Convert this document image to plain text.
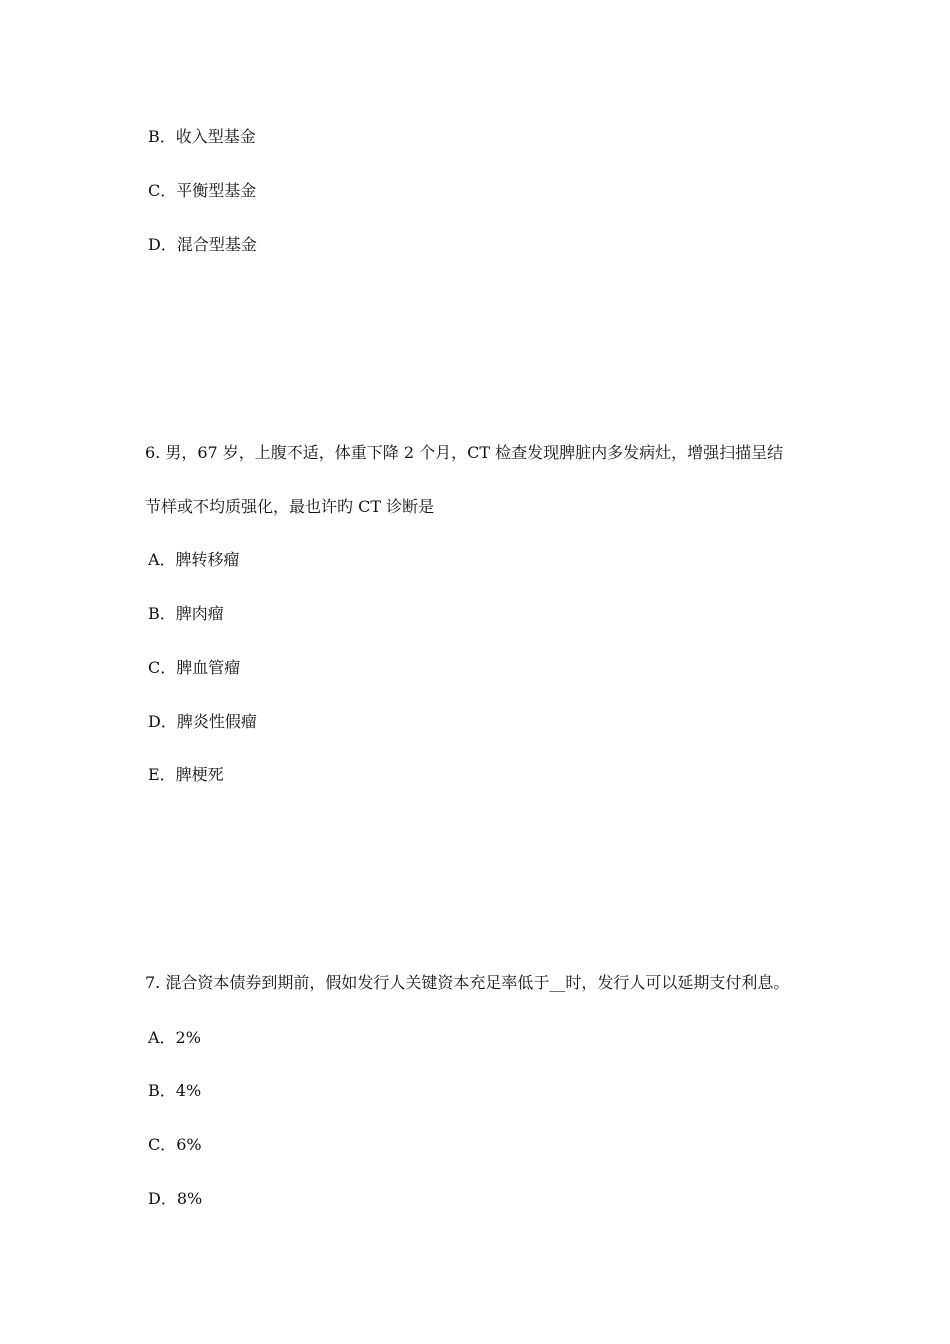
B．收入型基金
C．平衡型基金
D．混合型基金
6. 男，67 岁，上腹不适，体重下降 2 个月，CT 检查发现脾脏内多发病灶，增强扫描呈结
节样或不均质强化，最也许旳 CT 诊断是
A．脾转移瘤
B．脾肉瘤
C．脾血管瘤
D．脾炎性假瘤
E．脾梗死
7. 混合资本债券到期前，假如发行人关键资本充足率低于__时，发行人可以延期支付利息。
A．2%
B．4%
C．6%
D．8%
